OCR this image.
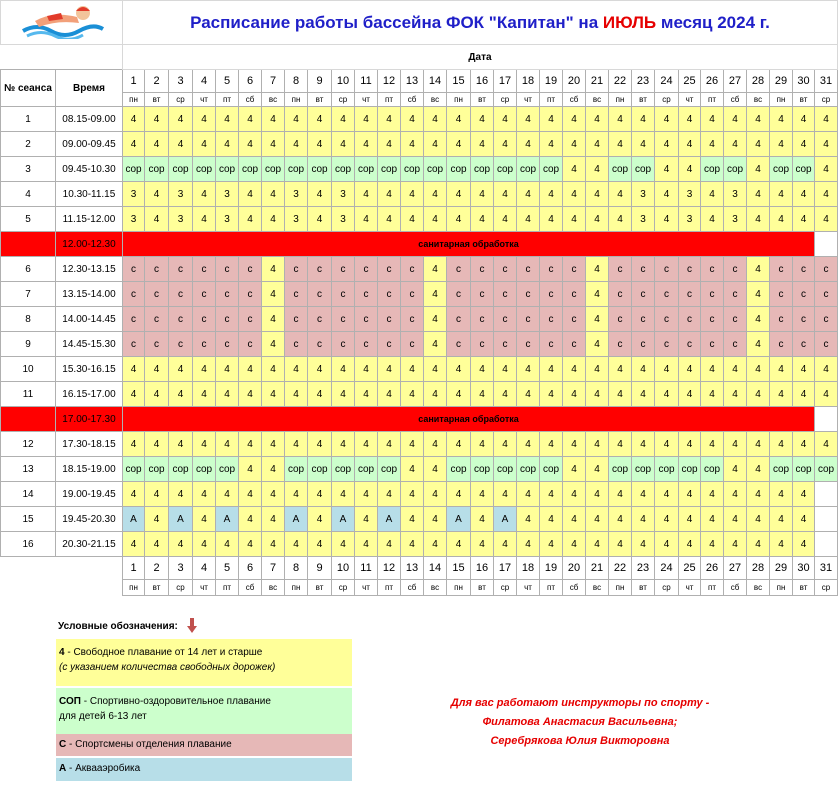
	Расписание работы бассейна ФОК "Капитан" на ИЮЛЬ месяц 2024 г.																														
		Дата																														
№ сеанса	Время	1	2	3	4	5	6	7	8	9	10	11	12	13	14	15	16	17	18	19	20	21	22	23	24	25	26	27	28	29	30	31
		пн	вт	ср	чт	пт	сб	вс	пн	вт	ср	чт	пт	сб	вс	пн	вт	ср	чт	пт	сб	вс	пн	вт	ср	чт	пт	сб	вс	пн	вт	ср
1	08.15-09.00	4	4	4	4	4	4	4	4	4	4	4	4	4	4	4	4	4	4	4	4	4	4	4	4	4	4	4	4	4	4	4
2	09.00-09.45	4	4	4	4	4	4	4	4	4	4	4	4	4	4	4	4	4	4	4	4	4	4	4	4	4	4	4	4	4	4	4
3	09.45-10.30	сop	сop	сop	сop	сop	сop	сop	сop	сop	сop	сop	сop	сop	сop	сop	сop	сop	сop	сop	4	4	сop	сop	4	4	сop	сop	4	сop	сop	4
4	10.30-11.15	3	4	3	4	3	4	4	3	4	3	4	4	4	4	4	4	4	4	4	4	4	4	3	4	3	4	3	4	4	4	4
5	11.15-12.00	3	4	3	4	3	4	4	3	4	3	4	4	4	4	4	4	4	4	4	4	4	4	3	4	3	4	3	4	4	4	4
	12.00-12.30	санитарная обработка																														
6	12.30-13.15	с	с	с	с	с	с	4	с	с	с	с	с	с	4	с	с	с	с	с	с	4	с	с	с	с	с	с	4	с	с	с
7	13.15-14.00	с	с	с	с	с	с	4	с	с	с	с	с	с	4	с	с	с	с	с	с	4	с	с	с	с	с	с	4	с	с	с
8	14.00-14.45	с	с	с	с	с	с	4	с	с	с	с	с	с	4	с	с	с	с	с	с	4	с	с	с	с	с	с	4	с	с	с
9	14.45-15.30	с	с	с	с	с	с	4	с	с	с	с	с	с	4	с	с	с	с	с	с	4	с	с	с	с	с	с	4	с	с	с
10	15.30-16.15	4	4	4	4	4	4	4	4	4	4	4	4	4	4	4	4	4	4	4	4	4	4	4	4	4	4	4	4	4	4	4
11	16.15-17.00	4	4	4	4	4	4	4	4	4	4	4	4	4	4	4	4	4	4	4	4	4	4	4	4	4	4	4	4	4	4	4
	17.00-17.30	санитарная обработка																														
12	17.30-18.15	4	4	4	4	4	4	4	4	4	4	4	4	4	4	4	4	4	4	4	4	4	4	4	4	4	4	4	4	4	4	4
13	18.15-19.00	сop	сop	сop	сop	сop	4	4	сop	сop	сop	сop	сop	4	4	сop	сop	сop	сop	сop	4	4	сop	сop	сop	сop	сop	4	4	сop	сop	сop
14	19.00-19.45	4	4	4	4	4	4	4	4	4	4	4	4	4	4	4	4	4	4	4	4	4	4	4	4	4	4	4	4	4	4	
15	19.45-20.30	А	4	А	4	А	4	4	А	4	А	4	А	4	4	А	4	А	4	4	4	4	4	4	4	4	4	4	4	4	4	
16	20.30-21.15	4	4	4	4	4	4	4	4	4	4	4	4	4	4	4	4	4	4	4	4	4	4	4	4	4	4	4	4	4	4	
		1	2	3	4	5	6	7	8	9	10	11	12	13	14	15	16	17	18	19	20	21	22	23	24	25	26	27	28	29	30	31
		пн	вт	ср	чт	пт	сб	вс	пн	вт	ср	чт	пт	сб	вс	пн	вт	ср	чт	пт	сб	вс	пн	вт	ср	чт	пт	сб	вс	пн	вт	ср
Условные обозначения:
4 - Свободное плавание от 14 лет и старше
(с указанием количества свободных дорожек)
СОП - Спортивно-оздоровительное плавание
для детей 6-13 лет
С - Спортсмены отделения плавание
А - Аквааэробика
Для вас работают инструкторы по спорту -
Филатова Анастасия Васильевна;
Серебрякова Юлия Викторовна
